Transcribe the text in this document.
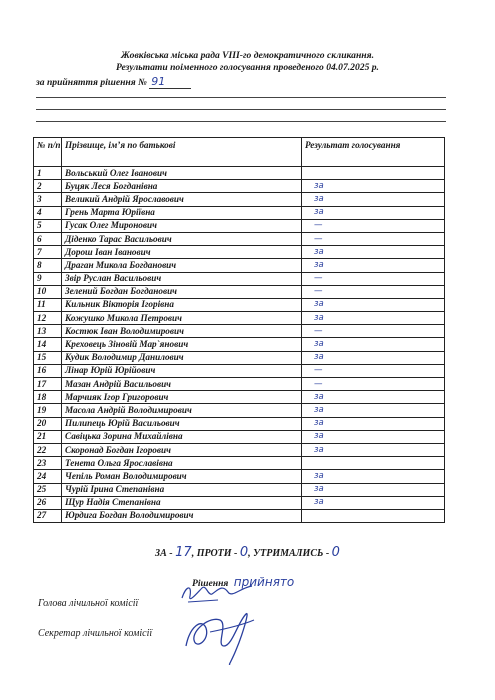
Жовківська міська рада VIII-го демократичного скликання.
Результати поіменного голосування проведеного 04.07.2025 р.
за прийняття рішення № 91
№ п/п	Прізвище, ім’я по батькові	Результат голосування
1	Вольський Олег Іванович	
2	Буцяк Леся Богданівна	за
3	Великий Андрій Ярославович	за
4	Грень Марта Юріївна	за
5	Гусак Олег Миронович	—
6	Діденко Тарас Васильович	—
7	Дорош Іван Іванович	за
8	Драган Микола Богданович	за
9	Звір Руслан Васильович	—
10	Зелений Богдан Богданович	—
11	Кильник Вікторія Ігорівна	за
12	Кожушко Микола Петрович	за
13	Костюк Іван Володимирович	—
14	Креховець Зіновій Мар`янович	за
15	Кудик Володимир Данилович	за
16	Лінар Юрій Юрійович	—
17	Мазан Андрій Васильович	—
18	Марчияк Ігор Григорович	за
19	Масола Андрій Володимирович	за
20	Пилипець Юрій Васильович	за
21	Савіцька Зорина Михайлівна	за
22	Скоронад Богдан Ігорович	за
23	Тенета Ольга Ярославівна	
24	Чепіль Роман Володимирович	за
25	Чурій Ірина Степанівна	за
26	Щур Надія Степанівна	за
27	Юрдига Богдан Володимирович	
ЗА - 17, ПРОТИ - 0, УТРИМАЛИСЬ - 0
Рішення прийнято
Голова лічильної комісії
Секретар лічильної комісії
